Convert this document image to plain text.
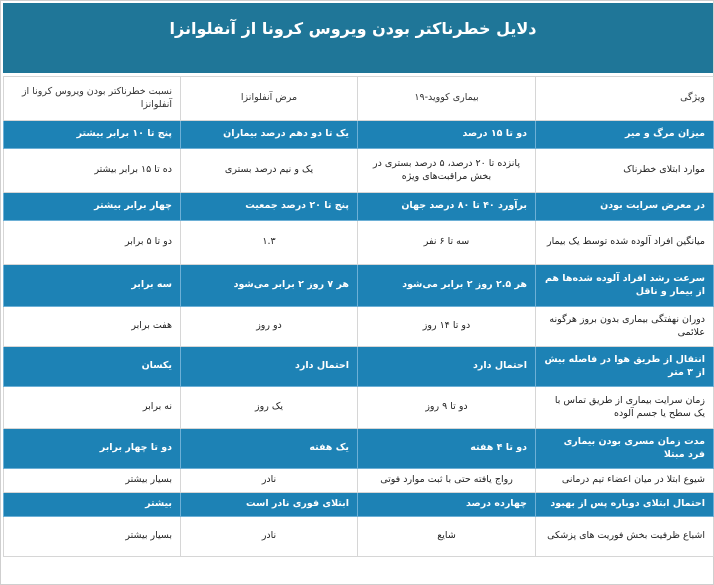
دلایل خطرناکتر بودن ویروس کرونا از آنفلوانزا
ویژگی	بیماری کووید-۱۹	مرض آنفلوانزا	نسبت خطرناکتر بودن ویروس کرونا از آنفلوانزا
میزان مرگ و میر	دو تا ۱۵ درصد	یک تا دو دهم درصد بیماران	پنج تا ۱۰ برابر بیشتر
موارد ابتلای خطرناک	پانزده تا ۲۰ درصد، ۵ درصد بستری در بخش مراقبت‌های ویژه	یک و نیم درصد بستری	ده تا ۱۵ برابر بیشتر
در معرض سرایت بودن	برآورد ۴۰ تا ۸۰ درصد جهان	پنج تا ۲۰ درصد جمعیت	چهار برابر بیشتر
میانگین افراد آلوده شده توسط یک بیمار	سه تا ۶ نفر	۱.۳	دو تا ۵ برابر
سرعت رشد افراد آلوده شده‌ها هم از بیمار و ناقل	هر ۲.۵ روز ۲ برابر می‌شود	هر ۷ روز ۲ برابر می‌شود	سه برابر
دوران نهفتگی بیماری بدون بروز هرگونه علائمی	دو تا ۱۴ روز	دو روز	هفت برابر
انتقال از طریق هوا در فاصله بیش از ۳ متر	احتمال دارد	احتمال دارد	یکسان
زمان سرایت بیماری از طریق تماس با یک سطح یا جسم آلوده	دو تا ۹ روز	یک روز	نه برابر
مدت زمان مسری بودن بیماری فرد مبتلا	دو تا ۴ هفته	یک هفته	دو تا چهار برابر
شیوع ابتلا در میان اعضاء تیم درمانی	رواج یافته حتی با ثبت موارد فوتی	نادر	بسیار بیشتر
احتمال ابتلای دوباره پس از بهبود	چهارده درصد	ابتلای فوری نادر است	بیشتر
اشباع ظرفیت بخش فوریت های پزشکی	شایع	نادر	بسیار بیشتر
